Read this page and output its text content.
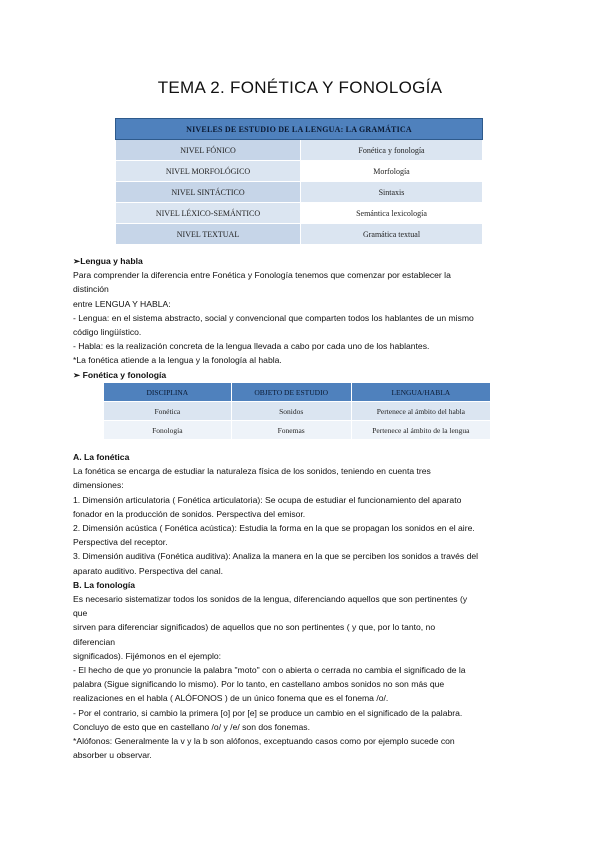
TEMA 2. FONÉTICA Y FONOLOGÍA
NIVELES DE ESTUDIO DE LA LENGUA: LA GRAMÁTICA	
NIVEL FÓNICO	Fonética y fonología
NIVEL MORFOLÓGICO	Morfología
NIVEL SINTÁCTICO	Sintaxis
NIVEL LÉXICO-SEMÁNTICO	Semántica lexicología
NIVEL TEXTUAL	Gramática textual
➢Lengua y habla
Para comprender la diferencia entre Fonética y Fonología tenemos que comenzar por establecer la
distinción
entre LENGUA Y HABLA:
- Lengua: en el sistema abstracto, social y convencional que comparten todos los hablantes de un mismo
código lingüístico.
- Habla: es la realización concreta de la lengua llevada a cabo por cada uno de los hablantes.
*La fonética atiende a la lengua y la fonología al habla.
➢ Fonética y fonología
DISCIPLINA	OBJETO DE ESTUDIO	LENGUA/HABLA
Fonética	Sonidos	Pertenece al ámbito del habla
Fonología	Fonemas	Pertenece al ámbito de la lengua
A. La fonética
La fonética se encarga de estudiar la naturaleza física de los sonidos, teniendo en cuenta tres
dimensiones:
1. Dimensión articulatoria ( Fonética articulatoria): Se ocupa de estudiar el funcionamiento del aparato
fonador en la producción de sonidos. Perspectiva del emisor.
2. Dimensión acústica ( Fonética acústica): Estudia la forma en la que se propagan los sonidos en el aire.
Perspectiva del receptor.
3. Dimensión auditiva (Fonética auditiva): Analiza la manera en la que se perciben los sonidos a través del
aparato auditivo. Perspectiva del canal.
B. La fonología
Es necesario sistematizar todos los sonidos de la lengua, diferenciando aquellos que son pertinentes (y
que
sirven para diferenciar significados) de aquellos que no son pertinentes ( y que, por lo tanto, no
diferencian
significados). Fijémonos en el ejemplo:
- El hecho de que yo pronuncie la palabra "moto" con o abierta o cerrada no cambia el significado de la
palabra (Sigue significando lo mismo). Por lo tanto, en castellano ambos sonidos no son más que
realizaciones en el habla ( ALÓFONOS ) de un único fonema que es el fonema /o/.
- Por el contrario, si cambio la primera [o] por [e] se produce un cambio en el significado de la palabra.
Concluyo de esto que en castellano /o/ y /e/ son dos fonemas.
*Alófonos: Generalmente la v y la b son alófonos, exceptuando casos como por ejemplo sucede con
absorber u observar.
